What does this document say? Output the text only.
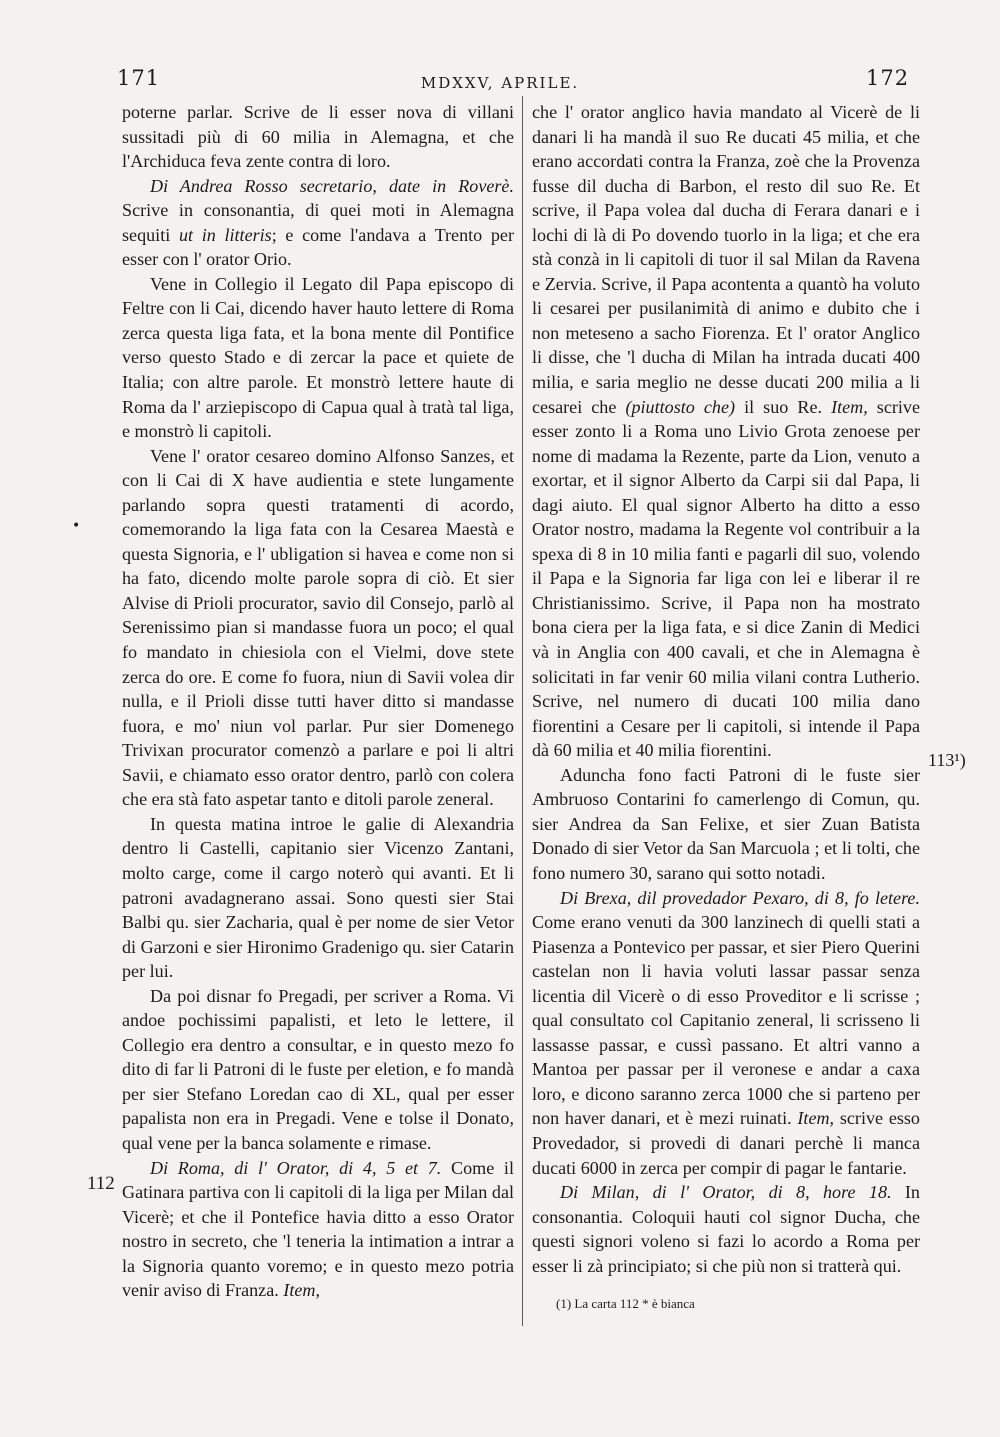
171	MDXXV, APRILE.	172
•

poterne parlar. Scrive de li esser nova di villani sussitadi più di 60 milia in Alemagna, et che l'Archiduca feva zente contra di loro.

Di Andrea Rosso secretario, date in Roverè. Scrive in consonantia, di quei moti in Alemagna sequiti ut in litteris; e come l'andava a Trento per esser con l' orator Orio.

Vene in Collegio il Legato dil Papa episcopo di Feltre con li Cai, dicendo haver hauto lettere di Roma zerca questa liga fata, et la bona mente dil Pontifice verso questo Stado e di zercar la pace et quiete de Italia; con altre parole. Et monstrò lettere haute di Roma da l' arziepiscopo di Capua qual à tratà tal liga, e monstrò li capitoli.

Vene l' orator cesareo domino Alfonso Sanzes, et con li Cai di X have audientia e stete lungamente parlando sopra questi tratamenti di acordo, comemorando la liga fata con la Cesarea Maestà e questa Signoria, e l' ubligation si havea e come non si ha fato, dicendo molte parole sopra di ciò. Et sier Alvise di Prioli procurator, savio dil Consejo, parlò al Serenissimo pian si mandasse fuora un poco; el qual fo mandato in chiesiola con el Vielmi, dove stete zerca do ore. E come fo fuora, niun di Savii volea dir nulla, e il Prioli disse tutti haver ditto si mandasse fuora, e mo' niun vol parlar. Pur sier Domenego Trivixan procurator comenzò a parlare e poi li altri Savii, e chiamato esso orator dentro, parlò con colera che era stà fato aspetar tanto e ditoli parole zeneral.

In questa matina introe le galie di Alexandria dentro li Castelli, capitanio sier Vicenzo Zantani, molto carge, come il cargo noterò qui avanti. Et li patroni avadagnerano assai. Sono questi sier Stai Balbi qu. sier Zacharia, qual è per nome de sier Vetor di Garzoni e sier Hironimo Gradenigo qu. sier Catarin per lui.

Da poi disnar fo Pregadi, per scriver a Roma. Vi andoe pochissimi papalisti, et leto le lettere, il Collegio era dentro a consultar, e in questo mezo fo dito di far li Patroni di le fuste per eletion, e fo mandà per sier Stefano Loredan cao di XL, qual per esser papalista non era in Pregadi. Vene e tolse il Donato, qual vene per la banca solamente e rimase.

Di Roma, di l' Orator, di 4, 5 et 7. Come il Gatinara partiva con li capitoli di la liga per Milan dal Vicerè; et che il Pontefice havia ditto a esso Orator nostro in secreto, che 'l teneria la intimation a intrar a la Signoria quanto voremo; e in questo mezo potria venir aviso di Franza. Item,

che l' orator anglico havia mandato al Vicerè de li danari li ha mandà il suo Re ducati 45 milia, et che erano accordati contra la Franza, zoè che la Provenza fusse dil ducha di Barbon, el resto dil suo Re. Et scrive, il Papa volea dal ducha di Ferara danari e i lochi di là di Po dovendo tuorlo in la liga; et che era stà conzà in li capitoli di tuor il sal Milan da Ravena e Zervia. Scrive, il Papa acontenta a quantò ha voluto li cesarei per pusilanimità di animo e dubito che i non meteseno a sacho Fiorenza. Et l' orator Anglico li disse, che 'l ducha di Milan ha intrada ducati 400 milia, e saria meglio ne desse ducati 200 milia a li cesarei che (piuttosto che) il suo Re. Item, scrive esser zonto li a Roma uno Livio Grota zenoese per nome di madama la Rezente, parte da Lion, venuto a exortar, et il signor Alberto da Carpi sii dal Papa, li dagi aiuto. El qual signor Alberto ha ditto a esso Orator nostro, madama la Regente vol contribuir a la spexa di 8 in 10 milia fanti e pagarli dil suo, volendo il Papa e la Signoria far liga con lei e liberar il re Christianissimo. Scrive, il Papa non ha mostrato bona ciera per la liga fata, e si dice Zanin di Medici và in Anglia con 400 cavali, et che in Alemagna è solicitati in far venir 60 milia vilani contra Lutherio. Scrive, nel numero di ducati 100 milia dano fiorentini a Cesare per li capitoli, si intende il Papa dà 60 milia et 40 milia fiorentini.

Aduncha fono facti Patroni di le fuste sier Ambruoso Contarini fo camerlengo di Comun, qu. sier Andrea da San Felixe, et sier Zuan Batista Donado di sier Vetor da San Marcuola ; et li tolti, che fono numero 30, sarano qui sotto notadi.

Di Brexa, dil provedador Pexaro, di 8, fo letere. Come erano venuti da 300 lanzinech di quelli stati a Piasenza a Pontevico per passar, et sier Piero Querini castelan non li havia voluti lassar passar senza licentia dil Vicerè o di esso Proveditor e li scrisse ; qual consultato col Capitanio zeneral, li scrisseno li lassasse passar, e cussì passano. Et altri vanno a Mantoa per passar per il veronese e andar a caxa loro, e dicono saranno zerca 1000 che si parteno per non haver danari, et è mezi ruinati. Item, scrive esso Provedador, si provedi di danari perchè li manca ducati 6000 in zerca per compir di pagar le fantarie.

Di Milan, di l' Orator, di 8, hore 18. In consonantia. Coloquii hauti col signor Ducha, che questi signori voleno si fazi lo acordo a Roma per esser li zà principiato; si che più non si tratterà qui.

112
113¹)
(1) La carta 112 * è bianca
